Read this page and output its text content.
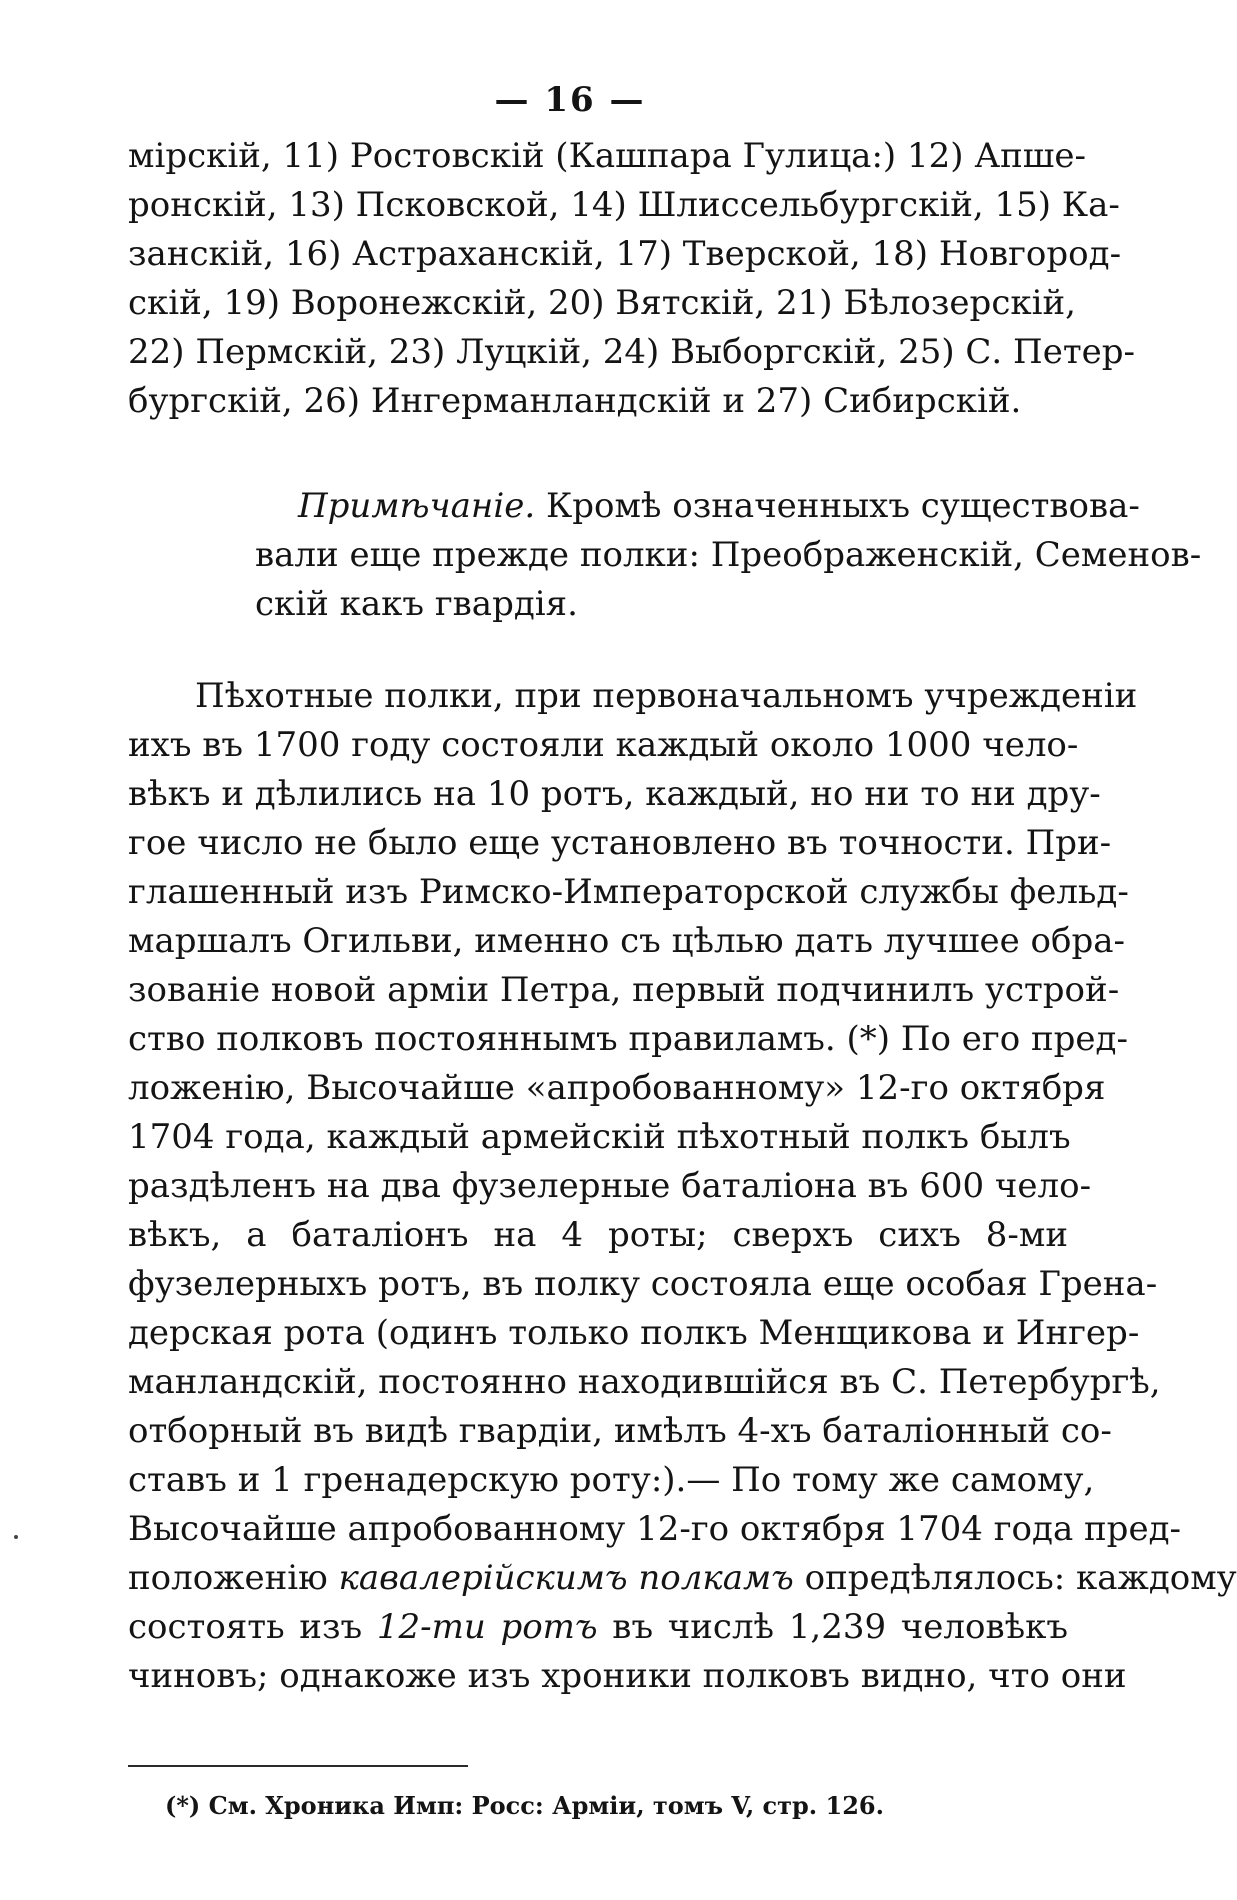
— 16 —
мірскій, 11) Ростовскій (Кашпара Гулица:) 12) Апше-
ронскій, 13) Псковской, 14) Шлиссельбургскій, 15) Ка-
занскій, 16) Астраханскій, 17) Тверской, 18) Новгород-
скій, 19) Воронежскій, 20) Вятскій, 21) Бѣлозерскій,
22) Пермскій, 23) Луцкій, 24) Выборгскій, 25) С. Петер-
бургскій, 26) Ингерманландскій и 27) Сибирскій.
Примѣчаніе. Кромѣ означенныхъ существова-
вали еще прежде полки: Преображенскій, Семенов-
скій какъ гвардія.
Пѣхотные полки, при первоначальномъ учрежденіи
ихъ въ 1700 году состояли каждый около 1000 чело-
вѣкъ и дѣлились на 10 ротъ, каждый, но ни то ни дру-
гое число не было еще установлено въ точности. При-
глашенный изъ Римско-Императорской службы фельд-
маршалъ Огильви, именно съ цѣлью дать лучшее обра-
зованіе новой арміи Петра, первый подчинилъ устрой-
ство полковъ постояннымъ правиламъ. (*) По его пред-
ложенію, Высочайше «апробованному» 12-го октября
1704 года, каждый армейскій пѣхотный полкъ былъ
раздѣленъ на два фузелерные баталіона въ 600 чело-
вѣкъ, а баталіонъ на 4 роты; сверхъ сихъ 8-ми
фузелерныхъ ротъ, въ полку состояла еще особая Грена-
дерская рота (одинъ только полкъ Менщикова и Ингер-
манландскій, постоянно находившійся въ С. Петербургѣ,
отборный въ видѣ гвардіи, имѣлъ 4-хъ баталіонный со-
ставъ и 1 гренадерскую роту:).— По тому же самому,
Высочайше апробованному 12-го октября 1704 года пред-
положенію кавалерійскимъ полкамъ опредѣлялось: каждому
состоять изъ 12-ти ротъ въ числѣ 1,239 человѣкъ
чиновъ; однакоже изъ хроники полковъ видно, что они
(*) См. Хроника Имп: Росс: Арміи, томъ V, стр. 126.
